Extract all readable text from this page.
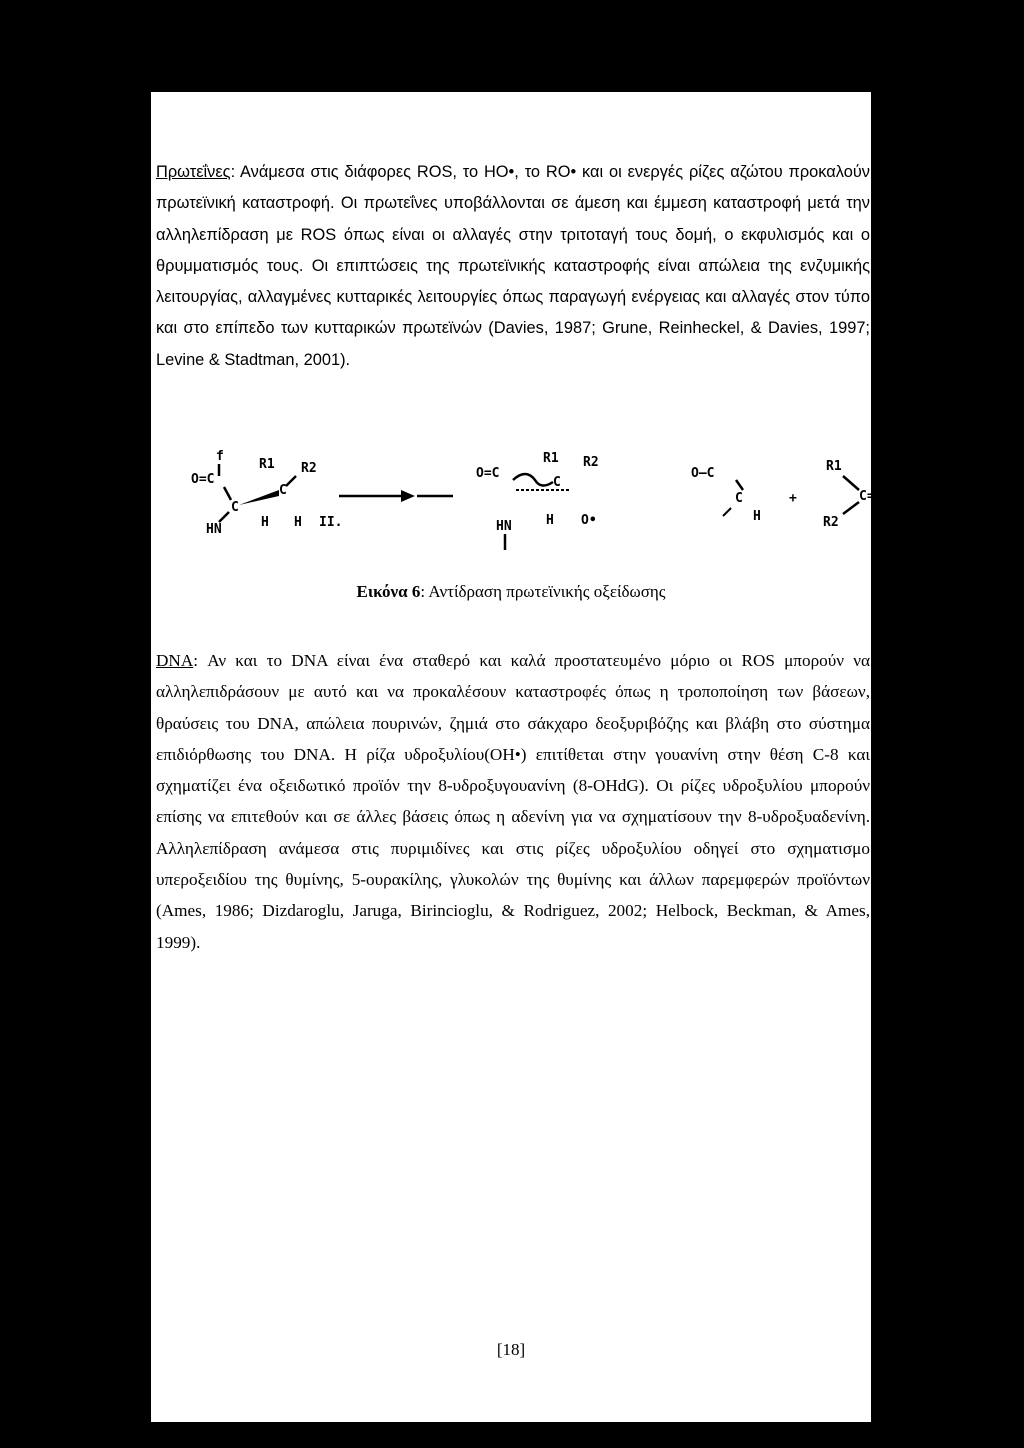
Πρωτεΐνες: Ανάμεσα στις διάφορες ROS, το HO•, το RO• και οι ενεργές ρίζες αζώτου προκαλούν πρωτεϊνική καταστροφή. Οι πρωτεΐνες υποβάλλονται σε άμεση και έμμεση καταστροφή μετά την αλληλεπίδραση με ROS όπως είναι οι αλλαγές στην τριτοταγή τους δομή, ο εκφυλισμός και ο θρυμματισμός τους. Οι επιπτώσεις της πρωτεϊνικής καταστροφής είναι απώλεια της ενζυμικής λειτουργίας, αλλαγμένες κυτταρικές λειτουργίες όπως παραγωγή ενέργειας και αλλαγές στον τύπο και στο επίπεδο των κυτταρικών πρωτεϊνών (Davies, 1987; Grune, Reinheckel, & Davies, 1997; Levine & Stadtman, 2001).

f
O=C
R1 R2
C
C
HN	H H II.
O=C
R1 R2
C
HN	H O•
O—C
C
H
+
R1
R2
C=O
Εικόνα 6: Αντίδραση πρωτεϊνικής οξείδωσης

DNA: Αν και το DNA είναι ένα σταθερό και καλά προστατευμένο μόριο οι ROS μπορούν να αλληλεπιδράσουν με αυτό και να προκαλέσουν καταστροφές όπως η τροποποίηση των βάσεων, θραύσεις του DNA, απώλεια πουρινών, ζημιά στο σάκχαρο δεοξυριβόζης και βλάβη στο σύστημα επιδιόρθωσης του DNA. Η ρίζα υδροξυλίου(OH•) επιτίθεται στην γουανίνη στην θέση C-8 και σχηματίζει ένα οξειδωτικό προϊόν την 8-υδροξυγουανίνη (8-OHdG). Οι ρίζες υδροξυλίου μπορούν επίσης να επιτεθούν και σε άλλες βάσεις όπως η αδενίνη για να σχηματίσουν την 8-υδροξυαδενίνη. Αλληλεπίδραση ανάμεσα στις πυριμιδίνες και στις ρίζες υδροξυλίου οδηγεί στο σχηματισμο υπεροξειδίου της θυμίνης, 5-ουρακίλης, γλυκολών της θυμίνης και άλλων παρεμφερών προϊόντων (Ames, 1986; Dizdaroglu, Jaruga, Birincioglu, & Rodriguez, 2002; Helbock, Beckman, & Ames, 1999).

[18]
